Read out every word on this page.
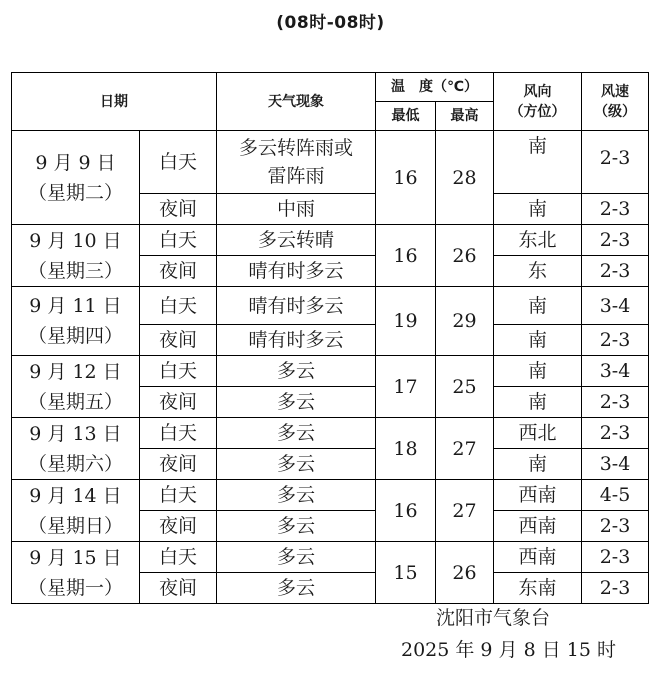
(08时-08时)
日期		天气现象	温　度（℃）		风向
（方位）	风速
（级）

			最低	最高		

9 月 9 日
（星期二）	白天	多云转阵雨或
雷阵雨	16	28	南	2-3
	夜间	中雨			南	2-3

9 月 10 日
（星期三）	白天	多云转晴	16	26	东北	2-3
	夜间	晴有时多云			东	2-3

9 月 11 日
（星期四）	白天	晴有时多云	19	29	南	3-4
	夜间	晴有时多云			南	2-3

9 月 12 日
（星期五）	白天	多云	17	25	南	3-4
	夜间	多云			南	2-3

9 月 13 日
（星期六）	白天	多云	18	27	西北	2-3
	夜间	多云			南	3-4

9 月 14 日
（星期日）	白天	多云	16	27	西南	4-5
	夜间	多云			西南	2-3

9 月 15 日
（星期一）	白天	多云	15	26	西南	2-3
	夜间	多云			东南	2-3
沈阳市气象台
2025 年 9 月 8 日 15 时
